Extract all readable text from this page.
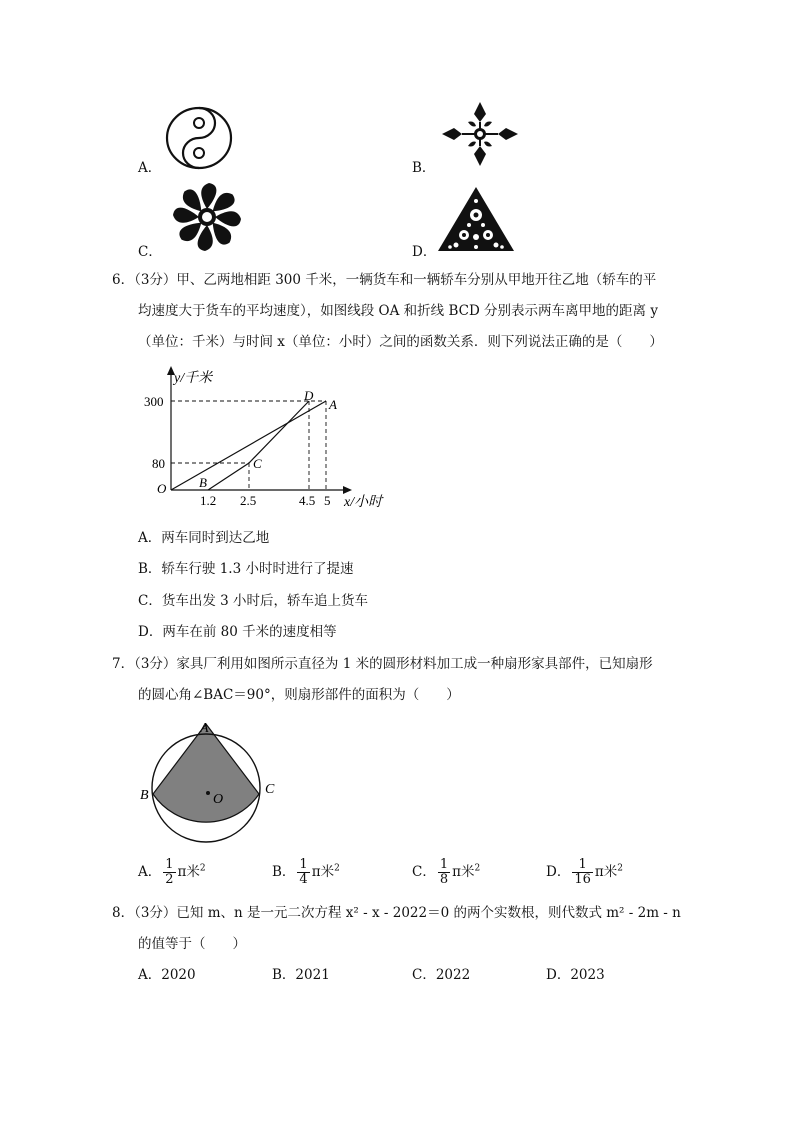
A．	B．
C．	D．
6．（3分）甲、乙两地相距 300 千米，一辆货车和一辆轿车分别从甲地开往乙地（轿车的平
均速度大于货车的平均速度），如图线段 OA 和折线 BCD 分别表示两车离甲地的距离 y
（单位：千米）与时间 x（单位：小时）之间的函数关系．则下列说法正确的是（　　）
y/千米
300
80
O	B
C
D
A
1.2 2.5	4.5 5 x/小时
A．两车同时到达乙地
B．轿车行驶 1.3 小时时进行了提速
C．货车出发 3 小时后，轿车追上货车
D．两车在前 80 千米的速度相等
7．（3分）家具厂利用如图所示直径为 1 米的圆形材料加工成一种扇形家具部件，已知扇形
的圆心角∠BAC＝90°，则扇形部件的面积为（　　）
A
B	C
O
A． $\frac{1}{2}$ π米$^2$	B． $\frac{1}{4}$ π米$^2$	C． $\frac{1}{8}$ π米$^2$	D． $\frac{1}{16}$ π米$^2$
8．（3分）已知 m、n 是一元二次方程 x² - x - 2022＝0 的两个实数根，则代数式 m² - 2m - n
的值等于（　　）
A．2020	B．2021	C．2022	D．2023
